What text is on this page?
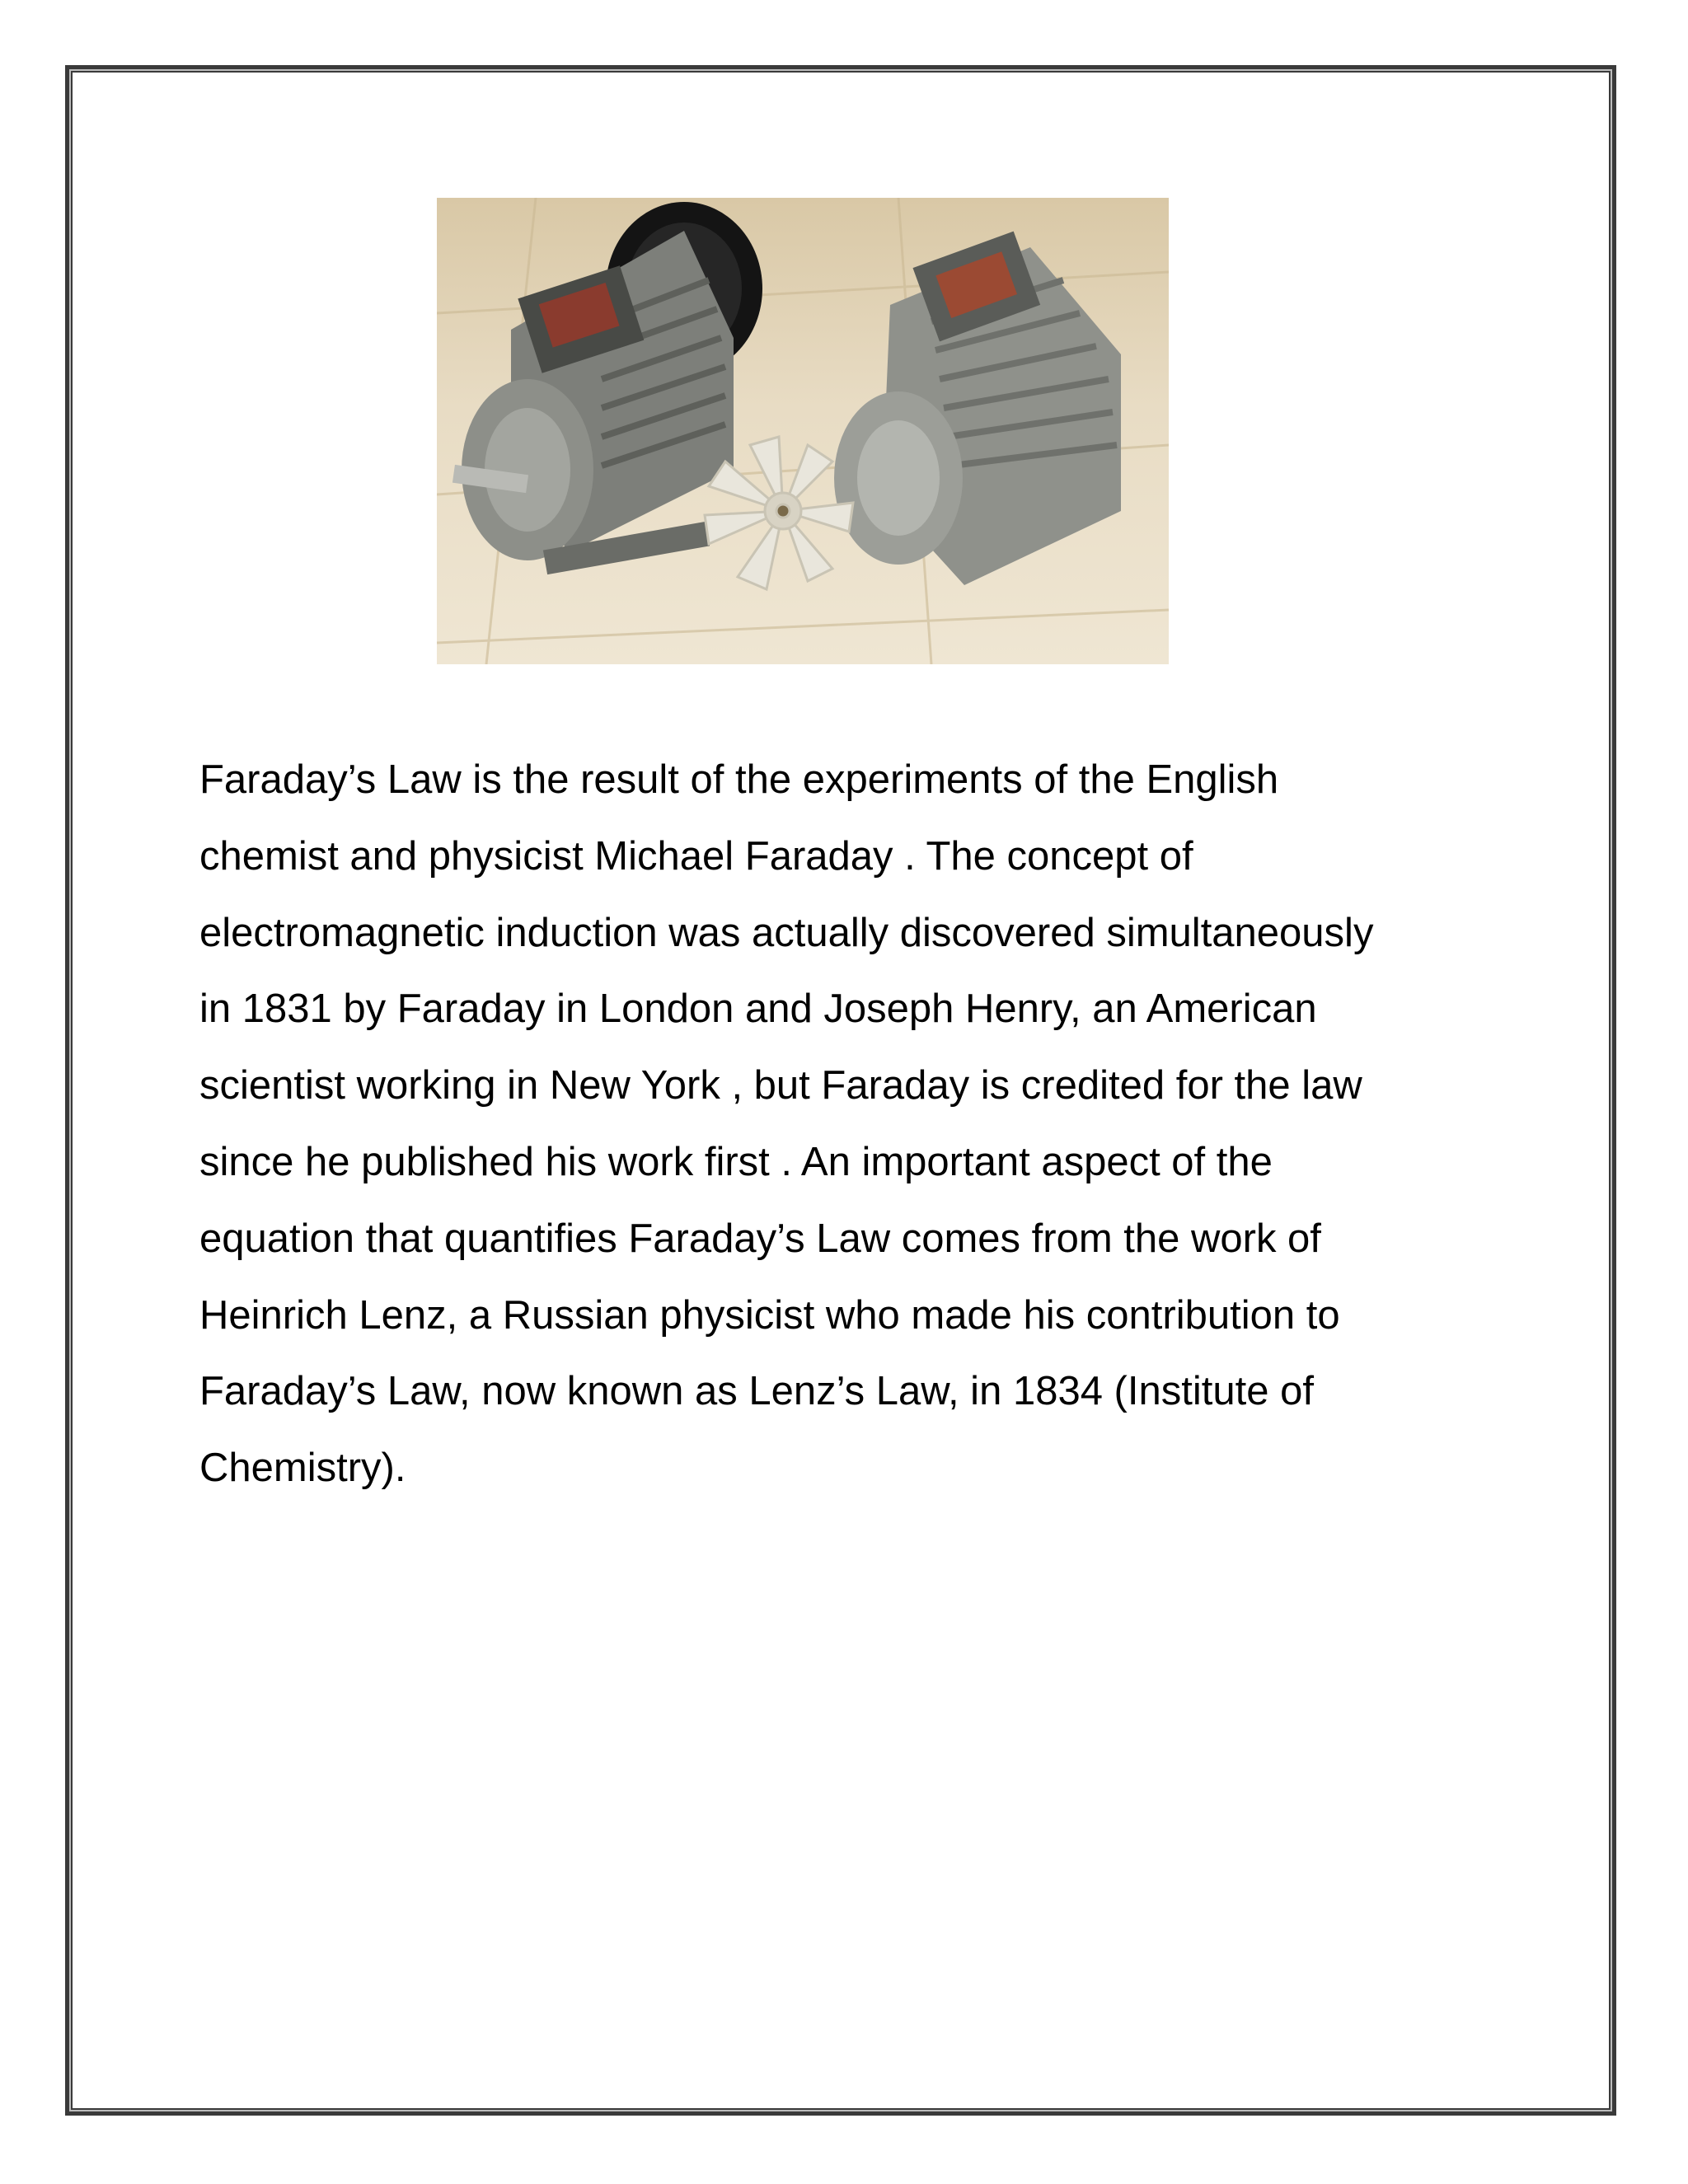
Faraday’s Law is the result of the experiments of the English
chemist and physicist Michael Faraday . The concept of
electromagnetic induction was actually discovered simultaneously
in 1831 by Faraday in London and Joseph Henry, an American
scientist working in New York , but Faraday is credited for the law
since he published his work first . An important aspect of the
equation that quantifies Faraday’s Law comes from the work of
Heinrich Lenz, a Russian physicist who made his contribution to
Faraday’s Law, now known as Lenz’s Law, in 1834 (Institute of
Chemistry).
